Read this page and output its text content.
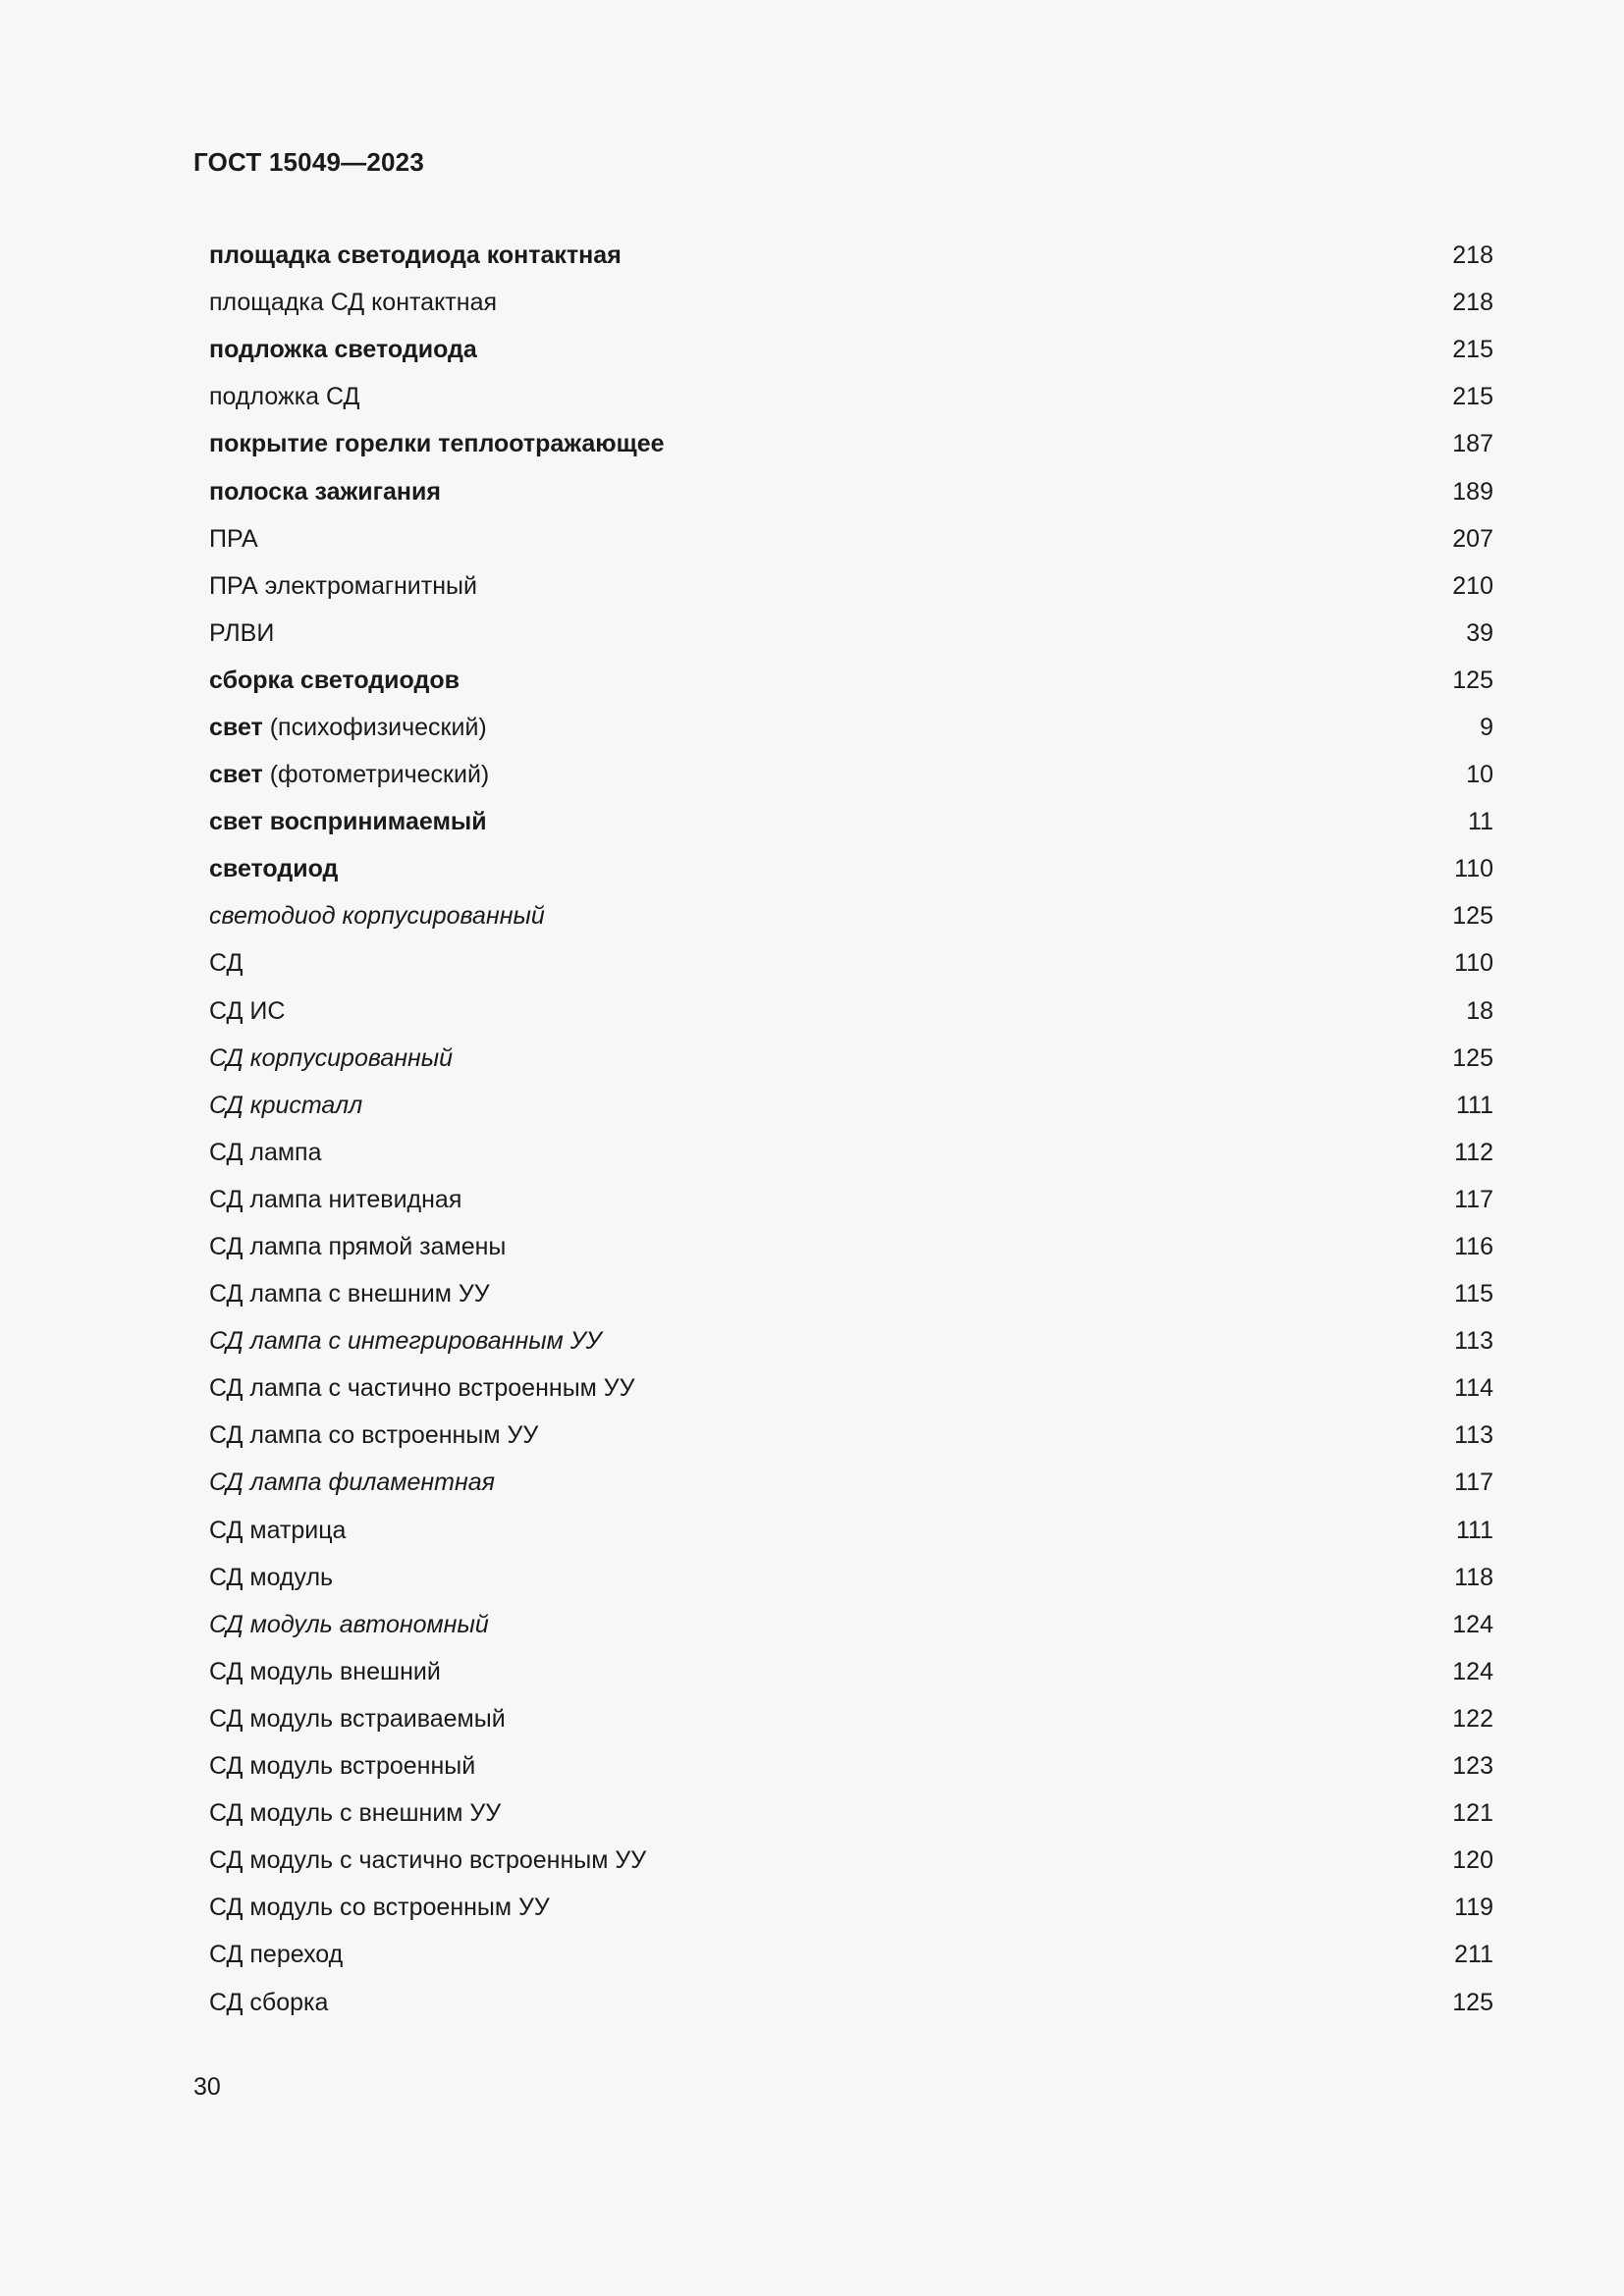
ГОСТ 15049—2023
площадка светодиода контактная	218
площадка СД контактная	218
подложка светодиода	215
подложка СД	215
покрытие горелки теплоотражающее	187
полоска зажигания	189
ПРА	207
ПРА электромагнитный	210
РЛВИ	39
сборка светодиодов	125
свет (психофизический)	9
свет (фотометрический)	10
свет воспринимаемый	11
светодиод	110
светодиод корпусированный	125
СД	110
СД ИС	18
СД корпусированный	125
СД кристалл	111
СД лампа	112
СД лампа нитевидная	117
СД лампа прямой замены	116
СД лампа с внешним УУ	115
СД лампа с интегрированным УУ	113
СД лампа с частично встроенным УУ	114
СД лампа со встроенным УУ	113
СД лампа филаментная	117
СД матрица	111
СД модуль	118
СД модуль автономный	124
СД модуль внешний	124
СД модуль встраиваемый	122
СД модуль встроенный	123
СД модуль с внешним УУ	121
СД модуль с частично встроенным УУ	120
СД модуль со встроенным УУ	119
СД переход	211
СД сборка	125
30
